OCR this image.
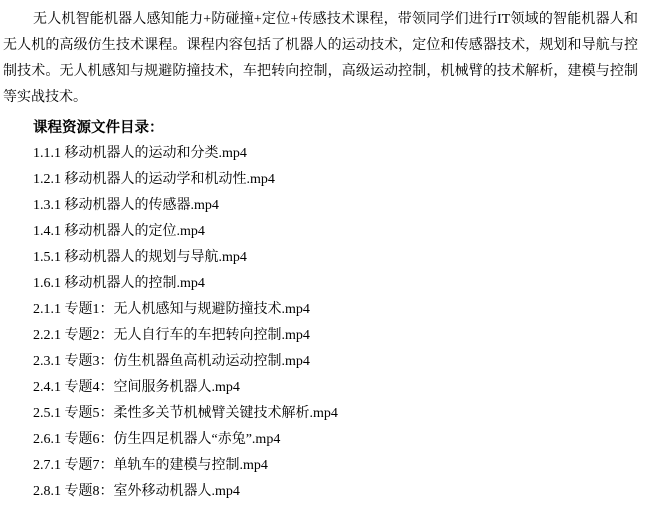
无人机智能机器人感知能力+防碰撞+定位+传感技术课程，带领同学们进行IT领域的智能机器人和
无人机的高级仿生技术课程。课程内容包括了机器人的运动技术，定位和传感器技术，规划和导航与控
制技术。无人机感知与规避防撞技术，车把转向控制，高级运动控制，机械臂的技术解析，建模与控制
等实战技术。
课程资源文件目录：
1.1.1 移动机器人的运动和分类.mp4
1.2.1 移动机器人的运动学和机动性.mp4
1.3.1 移动机器人的传感器.mp4
1.4.1 移动机器人的定位.mp4
1.5.1 移动机器人的规划与导航.mp4
1.6.1 移动机器人的控制.mp4
2.1.1 专题1：无人机感知与规避防撞技术.mp4
2.2.1 专题2：无人自行车的车把转向控制.mp4
2.3.1 专题3：仿生机器鱼高机动运动控制.mp4
2.4.1 专题4：空间服务机器人.mp4
2.5.1 专题5：柔性多关节机械臂关键技术解析.mp4
2.6.1 专题6：仿生四足机器人“赤兔”.mp4
2.7.1 专题7：单轨车的建模与控制.mp4
2.8.1 专题8：室外移动机器人.mp4
